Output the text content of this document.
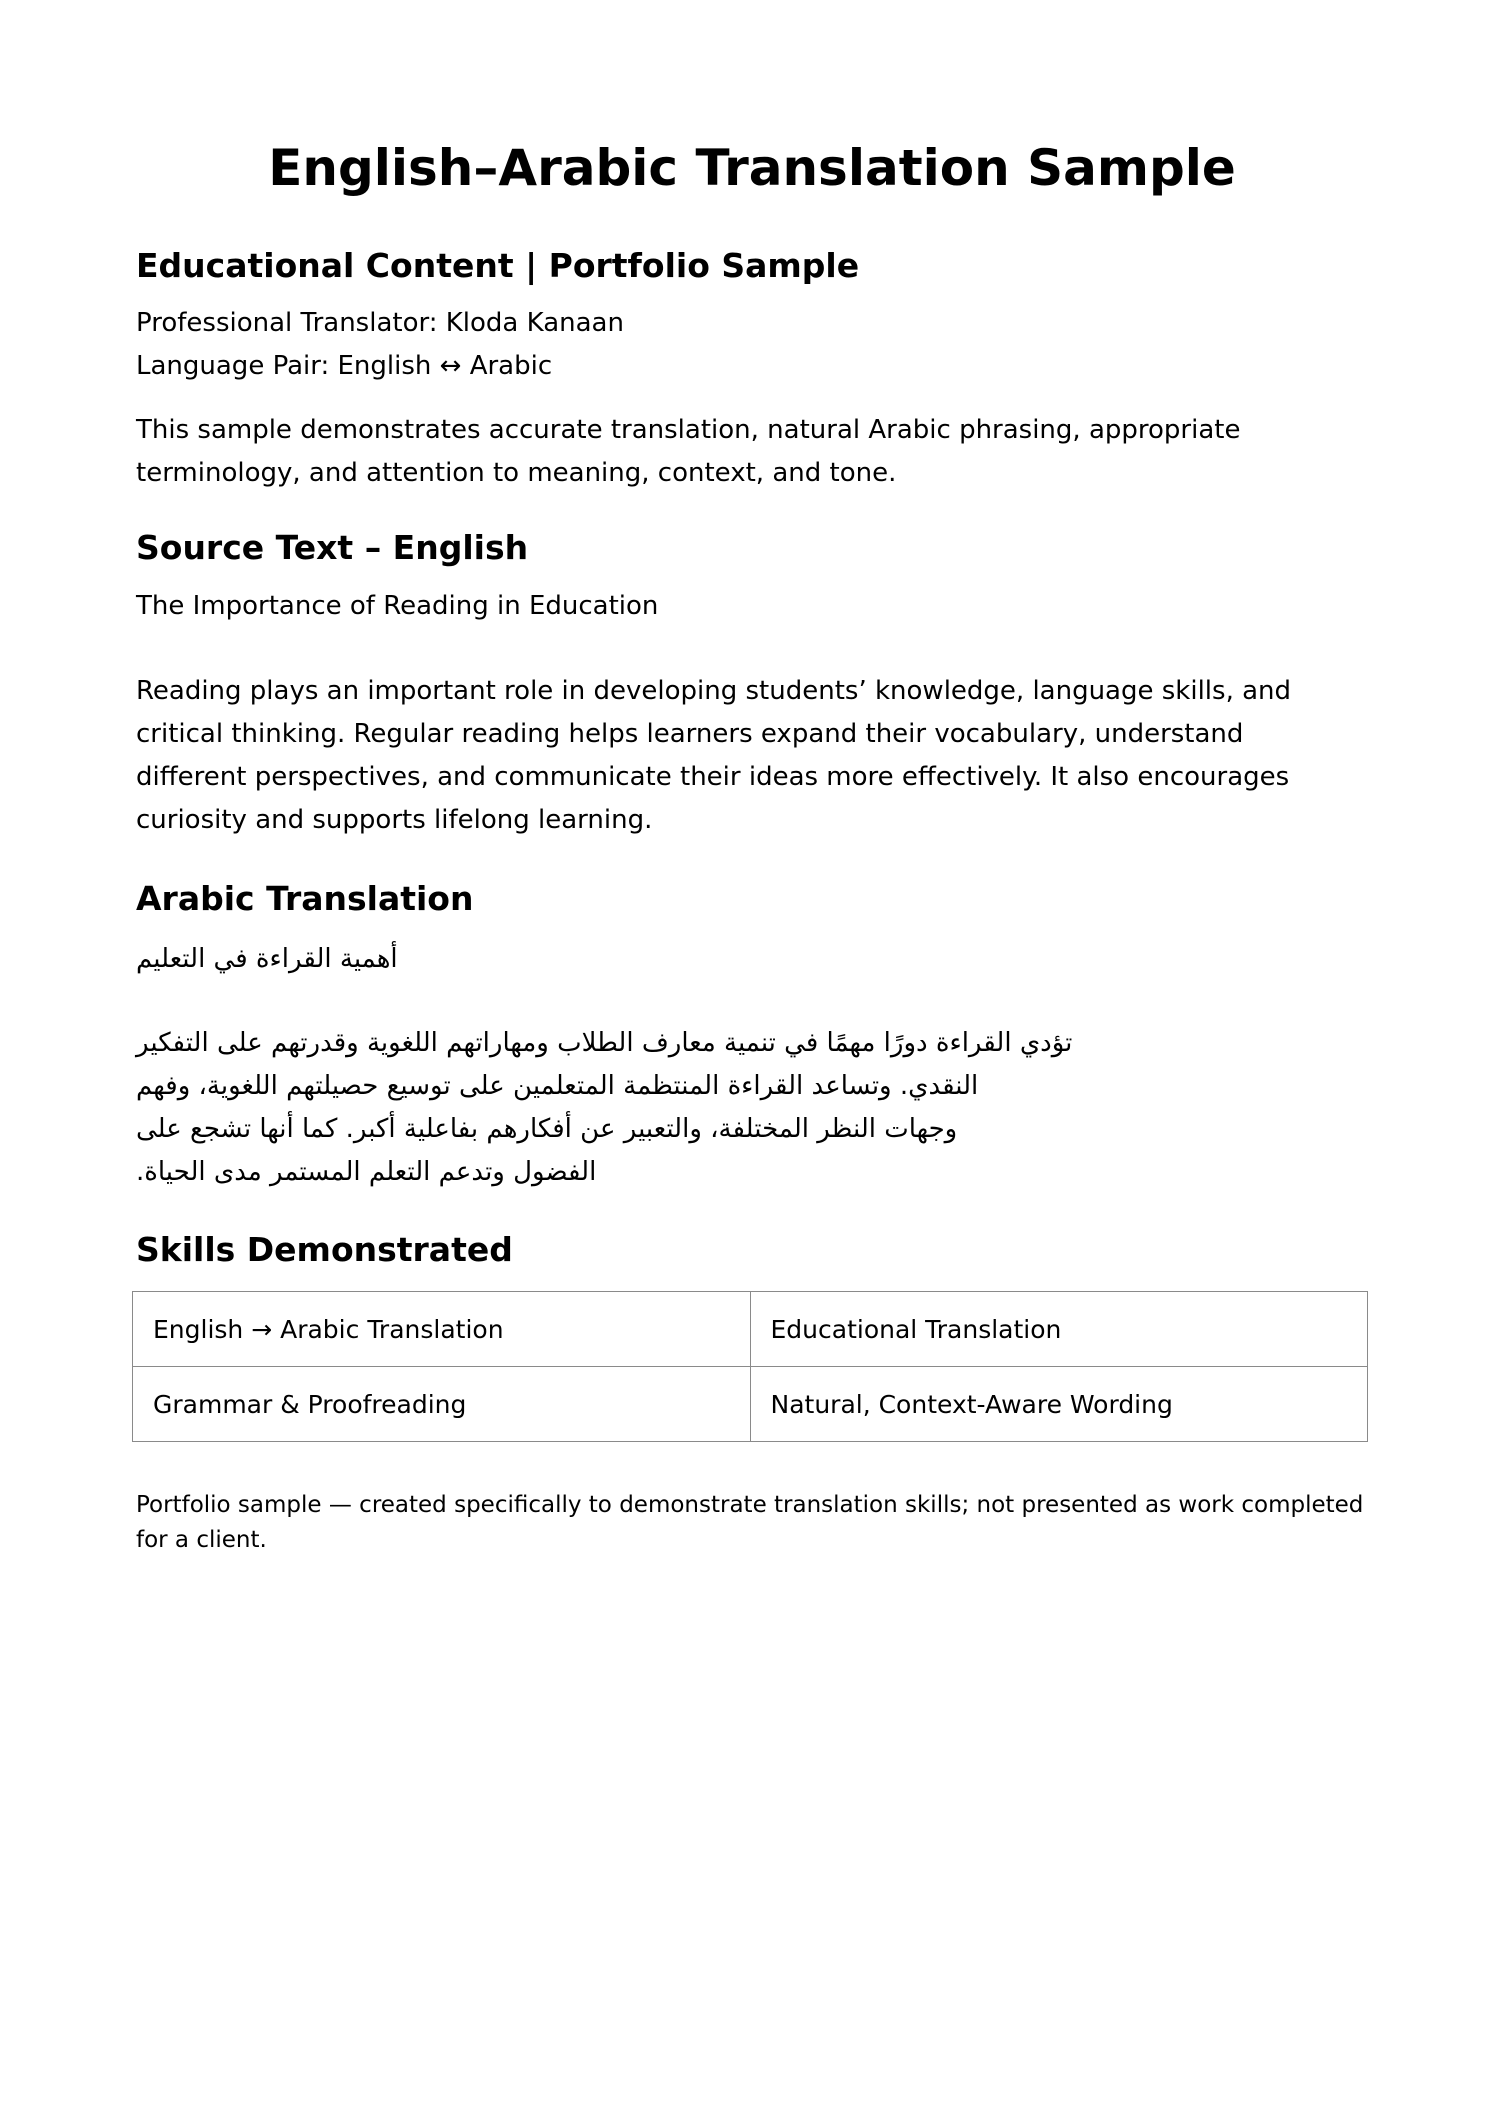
English–Arabic Translation Sample
Educational Content | Portfolio Sample
Professional Translator: Kloda Kanaan
Language Pair: English ↔ Arabic
This sample demonstrates accurate translation, natural Arabic phrasing, appropriate
terminology, and attention to meaning, context, and tone.
Source Text – English
The Importance of Reading in Education
Reading plays an important role in developing students’ knowledge, language skills, and
critical thinking. Regular reading helps learners expand their vocabulary, understand
different perspectives, and communicate their ideas more effectively. It also encourages
curiosity and supports lifelong learning.
Arabic Translation
أهمية القراءة في التعليم
تؤدي القراءة دورًا مهمًا في تنمية معارف الطلاب ومهاراتهم اللغوية وقدرتهم على التفكير
النقدي. وتساعد القراءة المنتظمة المتعلمين على توسيع حصيلتهم اللغوية، وفهم
وجهات النظر المختلفة، والتعبير عن أفكارهم بفاعلية أكبر. كما أنها تشجع على
الفضول وتدعم التعلم المستمر مدى الحياة.
Skills Demonstrated
English → Arabic Translation	Educational Translation
Grammar & Proofreading	Natural, Context-Aware Wording
Portfolio sample — created specifically to demonstrate translation skills; not presented as work completed
for a client.
